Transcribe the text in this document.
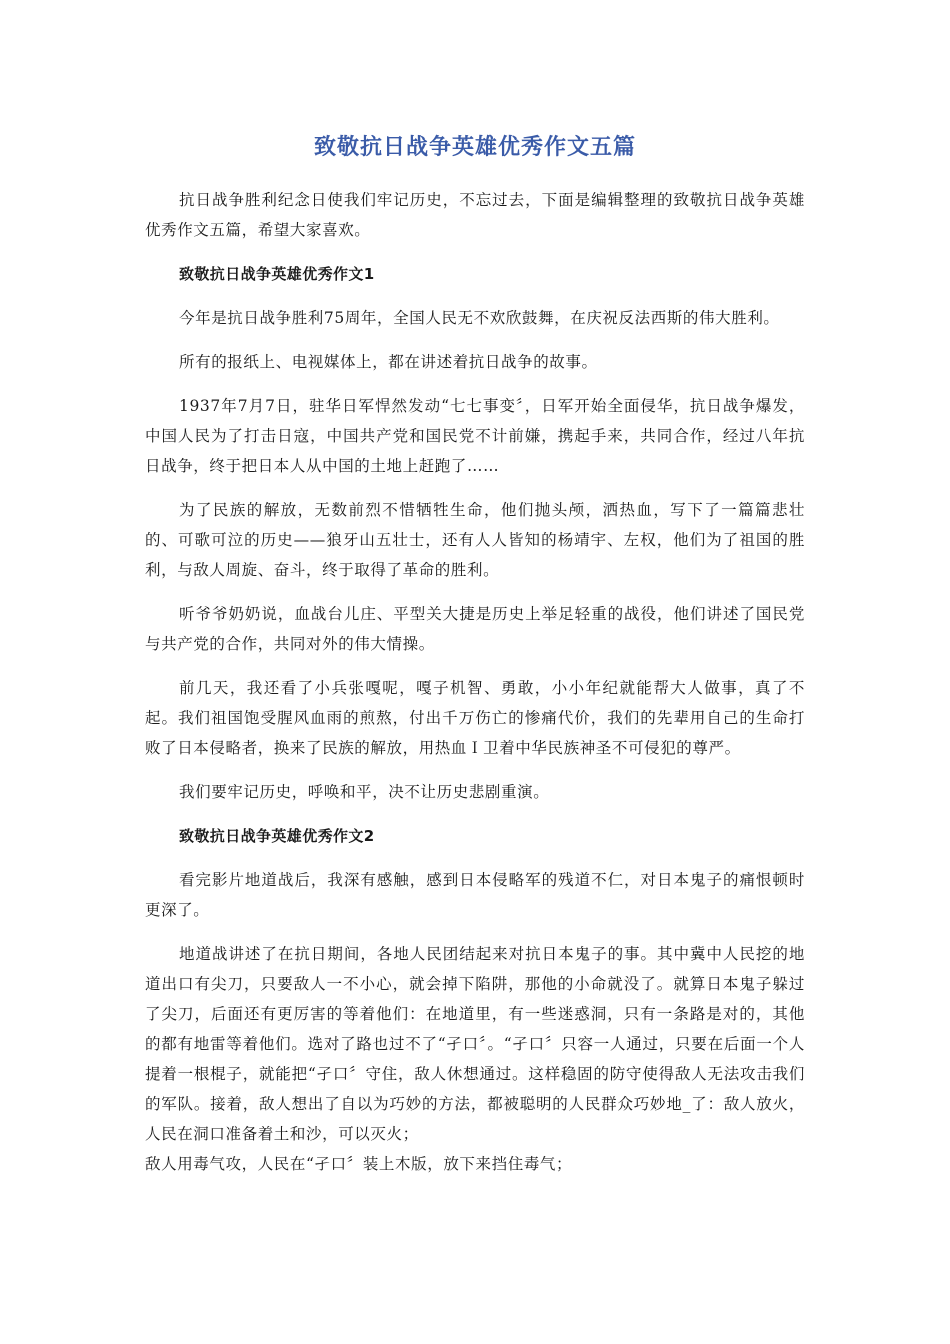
致敬抗日战争英雄优秀作文五篇

抗日战争胜利纪念日使我们牢记历史，不忘过去，下面是编辑整理的致敬抗日战争英雄优秀作文五篇，希望大家喜欢。

致敬抗日战争英雄优秀作文1

今年是抗日战争胜利75周年，全国人民无不欢欣鼓舞，在庆祝反法西斯的伟大胜利。

所有的报纸上、电视媒体上，都在讲述着抗日战争的故事。

1937年7月7日，驻华日军悍然发动“七七事变〞，日军开始全面侵华，抗日战争爆发，中国人民为了打击日寇，中国共产党和国民党不计前嫌，携起手来，共同合作，经过八年抗日战争，终于把日本人从中国的土地上赶跑了……

为了民族的解放，无数前烈不惜牺牲生命，他们抛头颅，洒热血，写下了一篇篇悲壮的、可歌可泣的历史——狼牙山五壮士，还有人人皆知的杨靖宇、左权，他们为了祖国的胜利，与敌人周旋、奋斗，终于取得了革命的胜利。

听爷爷奶奶说，血战台儿庄、平型关大捷是历史上举足轻重的战役，他们讲述了国民党与共产党的合作，共同对外的伟大情操。

前几天，我还看了小兵张嘎呢，嘎子机智、勇敢，小小年纪就能帮大人做事，真了不起。我们祖国饱受腥风血雨的煎熬，付出千万伤亡的惨痛代价，我们的先辈用自己的生命打败了日本侵略者，换来了民族的解放，用热血Ｉ卫着中华民族神圣不可侵犯的尊严。

我们要牢记历史，呼唤和平，决不让历史悲剧重演。

致敬抗日战争英雄优秀作文2

看完影片地道战后，我深有感触，感到日本侵略军的残道不仁，对日本鬼子的痛恨顿时更深了。

地道战讲述了在抗日期间，各地人民团结起来对抗日本鬼子的事。其中冀中人民挖的地道出口有尖刀，只要敌人一不小心，就会掉下陷阱，那他的小命就没了。就算日本鬼子躲过了尖刀，后面还有更厉害的等着他们：在地道里，有一些迷惑洞，只有一条路是对的，其他的都有地雷等着他们。选对了路也过不了“孑口〞。“孑口〞只容一人通过，只要在后面一个人提着一根棍子，就能把“孑口〞守住，敌人休想通过。这样稳固的防守使得敌人无法攻击我们的军队。接着，敌人想出了自以为巧妙的方法，都被聪明的人民群众巧妙地_了：敌人放火，人民在洞口准备着土和沙，可以灭火；

敌人用毒气攻，人民在“孑口〞装上木版，放下来挡住毒气；
